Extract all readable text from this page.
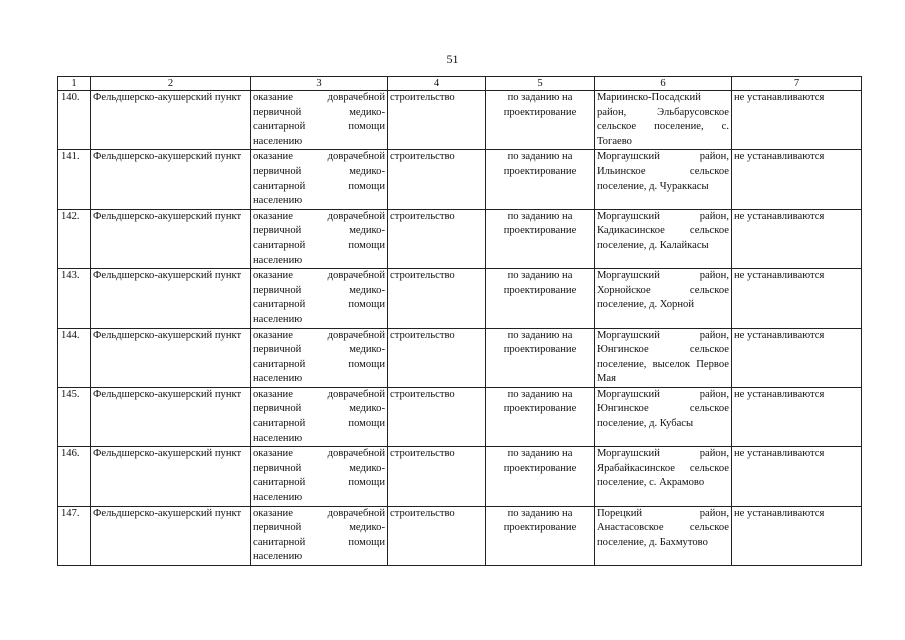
51
1	2	3	4	5	6	7
140.	Фельдшерско-акушерский пункт	оказание доврачебной первичной медико-санитарной помощи населению	строительство	по заданию на проектирование	Мариинско-Посадский район, Эльбарусовское сельское поселение, с. Тогаево	не устанавливаются
141.	Фельдшерско-акушерский пункт	оказание доврачебной первичной медико-санитарной помощи населению	строительство	по заданию на проектирование	Моргаушский район, Ильинское сельское поселение, д. Чураккасы	не устанавливаются
142.	Фельдшерско-акушерский пункт	оказание доврачебной первичной медико-санитарной помощи населению	строительство	по заданию на проектирование	Моргаушский район, Кадикасинское сельское поселение, д. Калайкасы	не устанавливаются
143.	Фельдшерско-акушерский пункт	оказание доврачебной первичной медико-санитарной помощи населению	строительство	по заданию на проектирование	Моргаушский район, Хорнойское сельское поселение, д. Хорной	не устанавливаются
144.	Фельдшерско-акушерский пункт	оказание доврачебной первичной медико-санитарной помощи населению	строительство	по заданию на проектирование	Моргаушский район, Юнгинское сельское поселение, выселок Первое Мая	не устанавливаются
145.	Фельдшерско-акушерский пункт	оказание доврачебной первичной медико-санитарной помощи населению	строительство	по заданию на проектирование	Моргаушский район, Юнгинское сельское поселение, д. Кубасы	не устанавливаются
146.	Фельдшерско-акушерский пункт	оказание доврачебной первичной медико-санитарной помощи населению	строительство	по заданию на проектирование	Моргаушский район, Ярабайкасинское сельское поселение, с. Акрамово	не устанавливаются
147.	Фельдшерско-акушерский пункт	оказание доврачебной первичной медико-санитарной помощи населению	строительство	по заданию на проектирование	Порецкий район, Анастасовское сельское поселение, д. Бахмутово	не устанавливаются
